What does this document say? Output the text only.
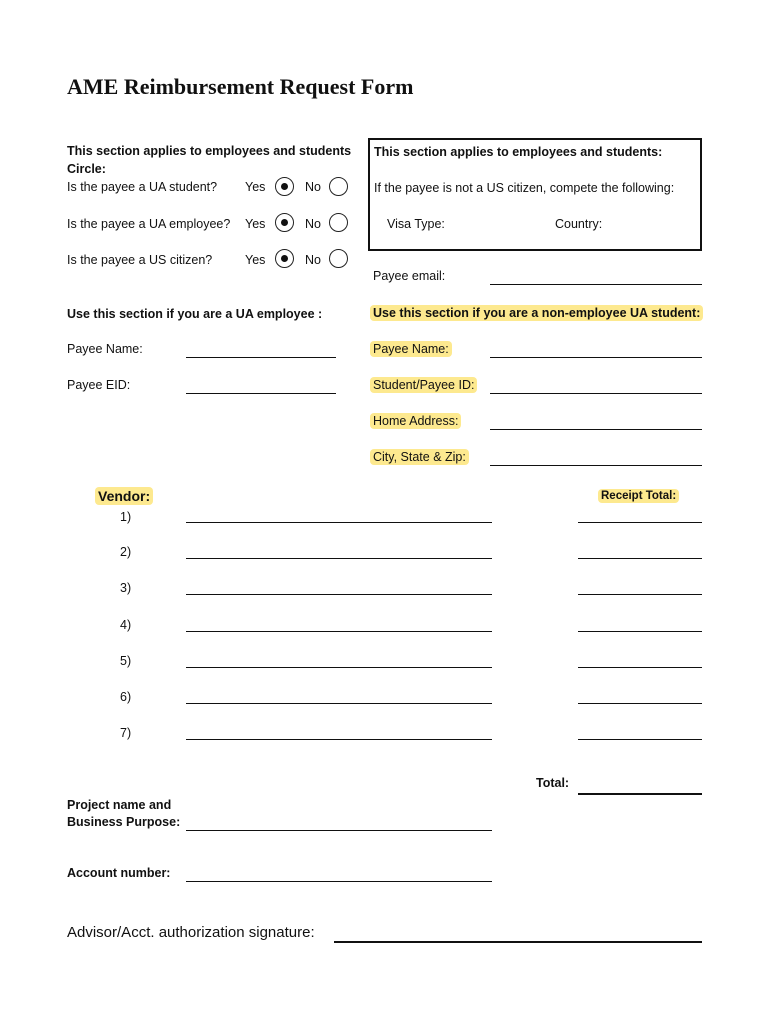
AME Reimbursement Request Form
This section applies to employees and students
Circle:
Is the payee a UA student? Yes	No
Is the payee a UA employee? Yes	No
Is the payee a US citizen?	Yes	No
This section applies to employees and students:
If the payee is not a US citizen, compete the following:
Visa Type:	Country:
Payee email:
Use this section if you are a UA employee :
Payee Name:
Payee EID:
Use this section if you are a non-employee UA student:
Payee Name:
Student/Payee ID:
Home Address:
City, State & Zip:
Vendor:	Receipt Total:
1)
2)
3)
4)
5)
6)
7)
Total:
Project name and
Business Purpose:
Account number:
Advisor/Acct. authorization signature:
